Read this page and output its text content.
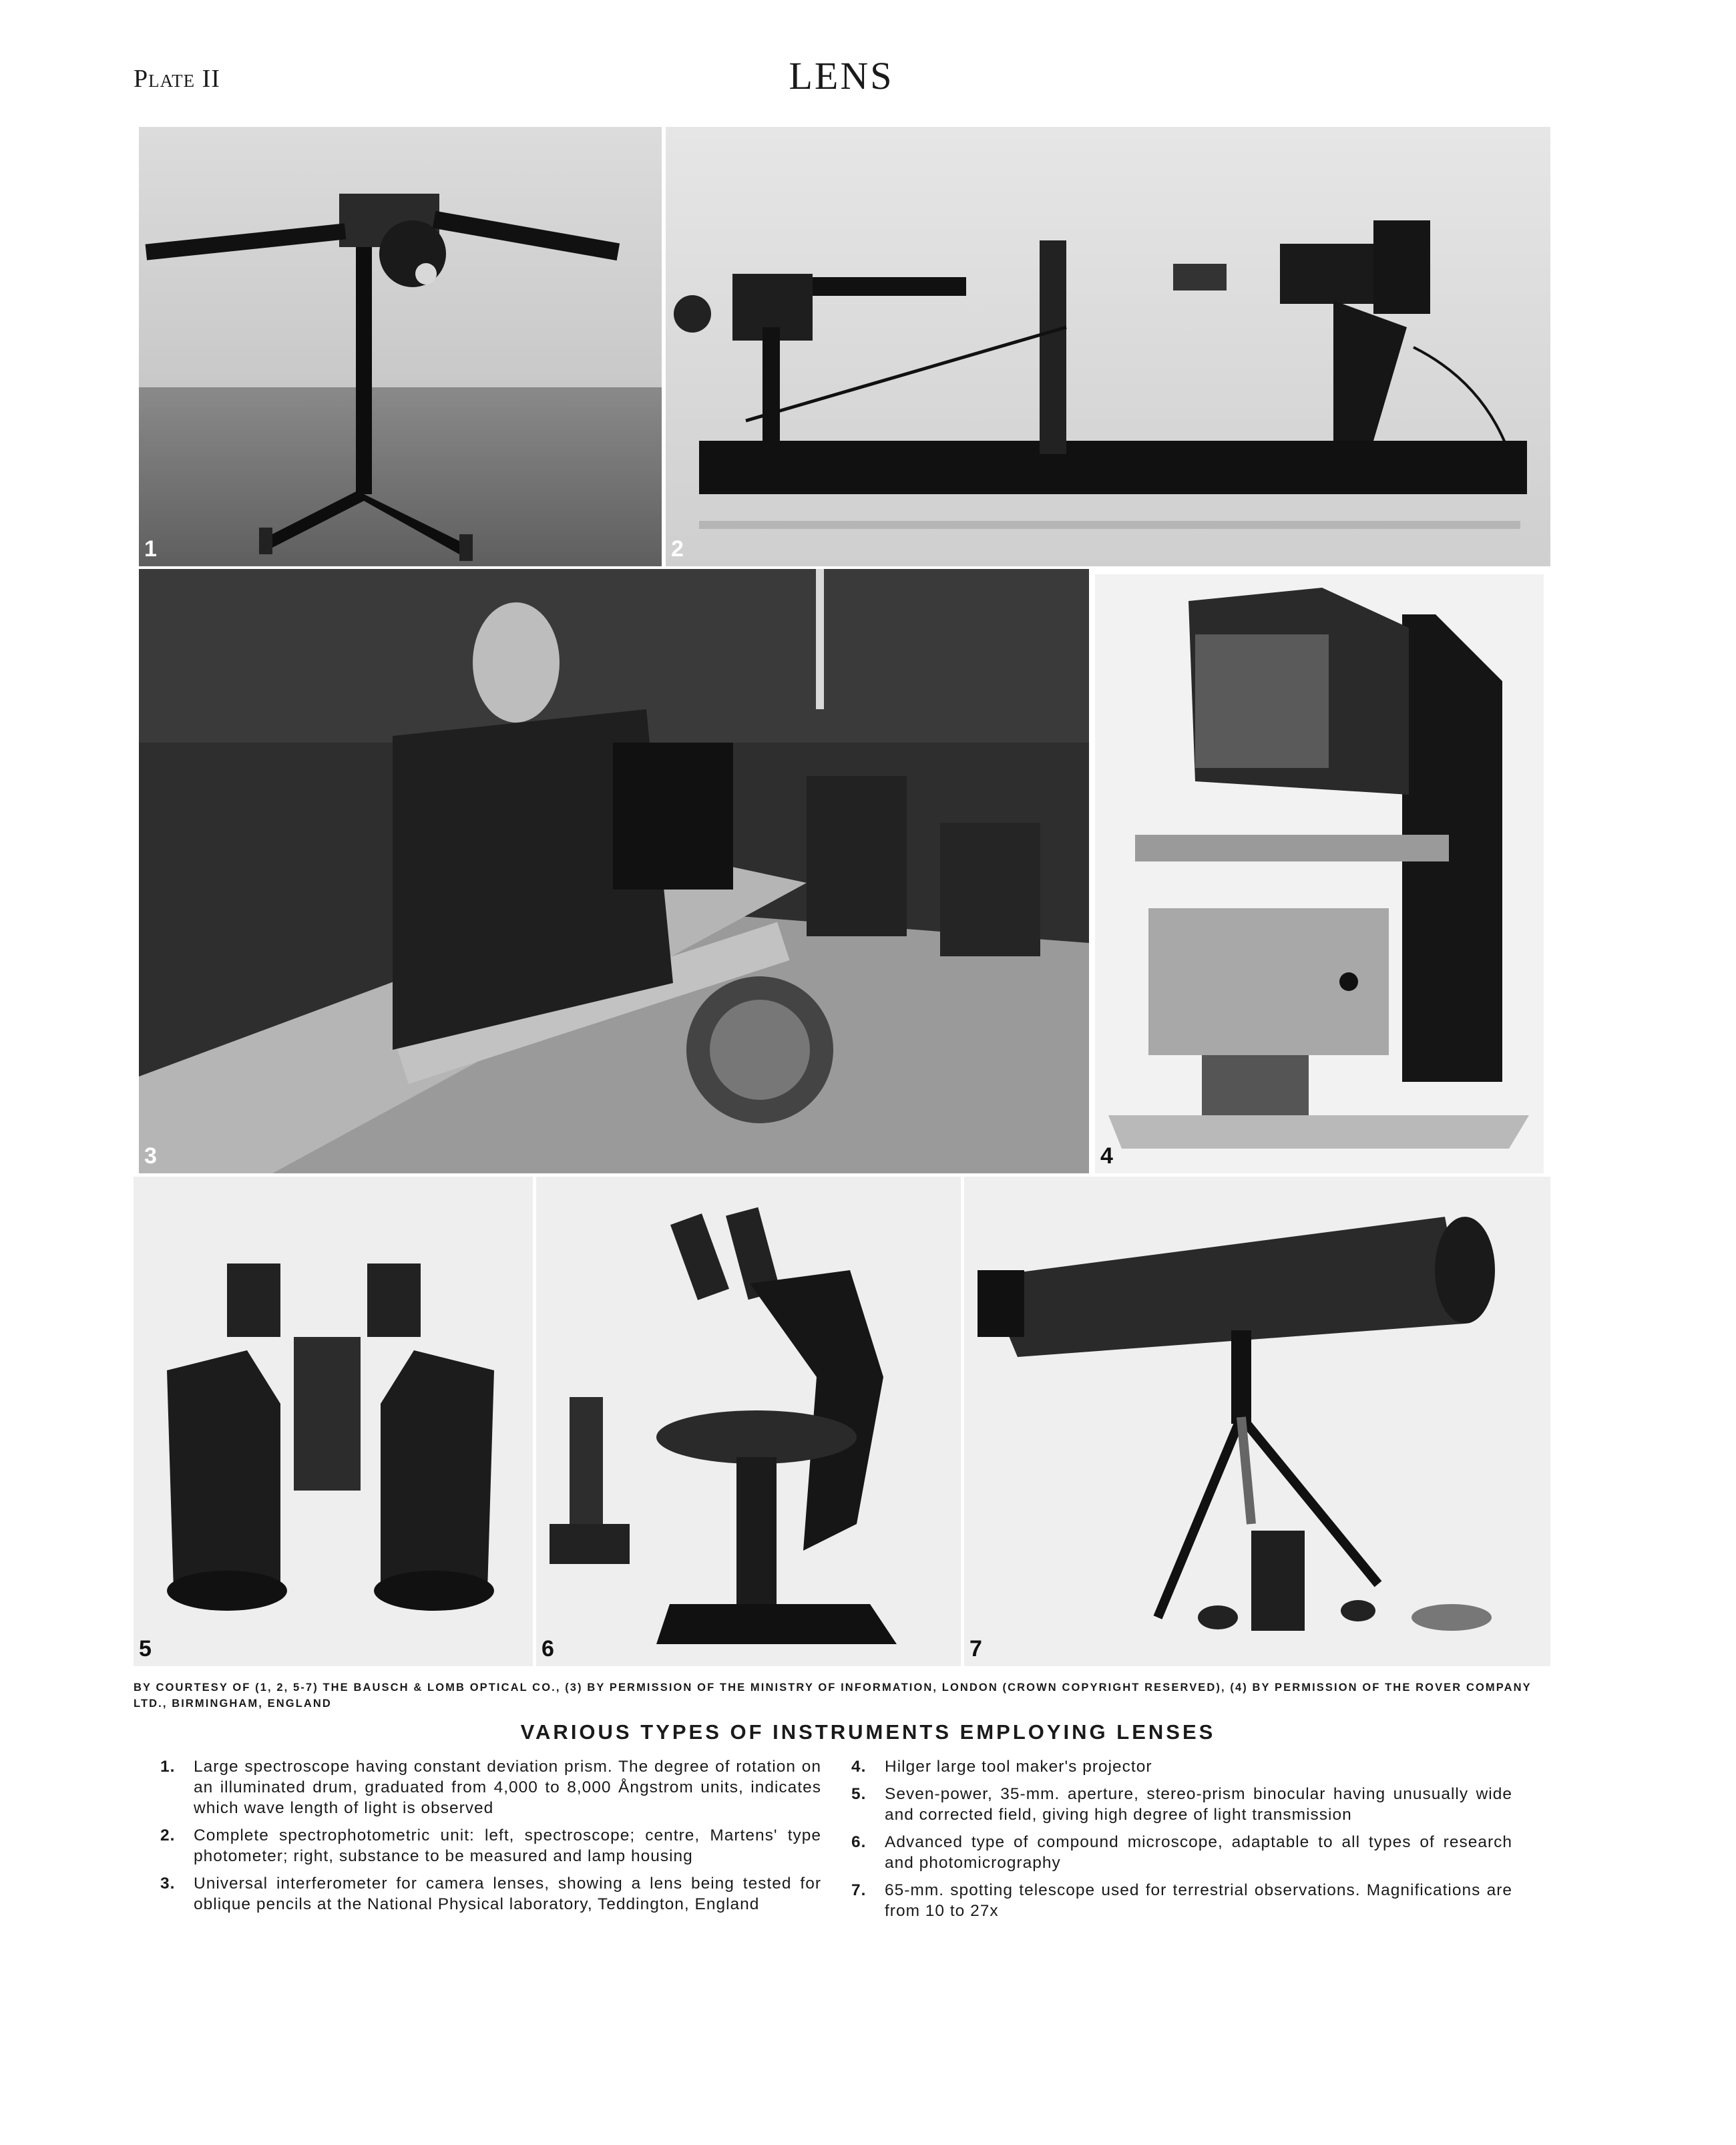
Plate II	LENS
1	2
3	4
5	6	7
BY COURTESY OF (1, 2, 5-7) THE BAUSCH & LOMB OPTICAL CO., (3) BY PERMISSION OF THE MINISTRY OF INFORMATION, LONDON (CROWN COPYRIGHT RESERVED), (4) BY PERMISSION OF THE ROVER COMPANY LTD., BIRMINGHAM, ENGLAND
VARIOUS TYPES OF INSTRUMENTS EMPLOYING LENSES
1. Large spectroscope having constant deviation prism. The degree of rotation on an illuminated drum, graduated from 4,000 to 8,000 Ångstrom units, indicates which wave length of light is observed
2. Complete spectrophotometric unit: left, spectroscope; centre, Martens' type photometer; right, substance to be measured and lamp housing
3. Universal interferometer for camera lenses, showing a lens being tested for oblique pencils at the National Physical laboratory, Teddington, England
4. Hilger large tool maker's projector
5. Seven-power, 35-mm. aperture, stereo-prism binocular having unusually wide and corrected field, giving high degree of light transmission
6. Advanced type of compound microscope, adaptable to all types of research and photomicrography
7. 65-mm. spotting telescope used for terrestrial observations. Magnifications are from 10 to 27x
